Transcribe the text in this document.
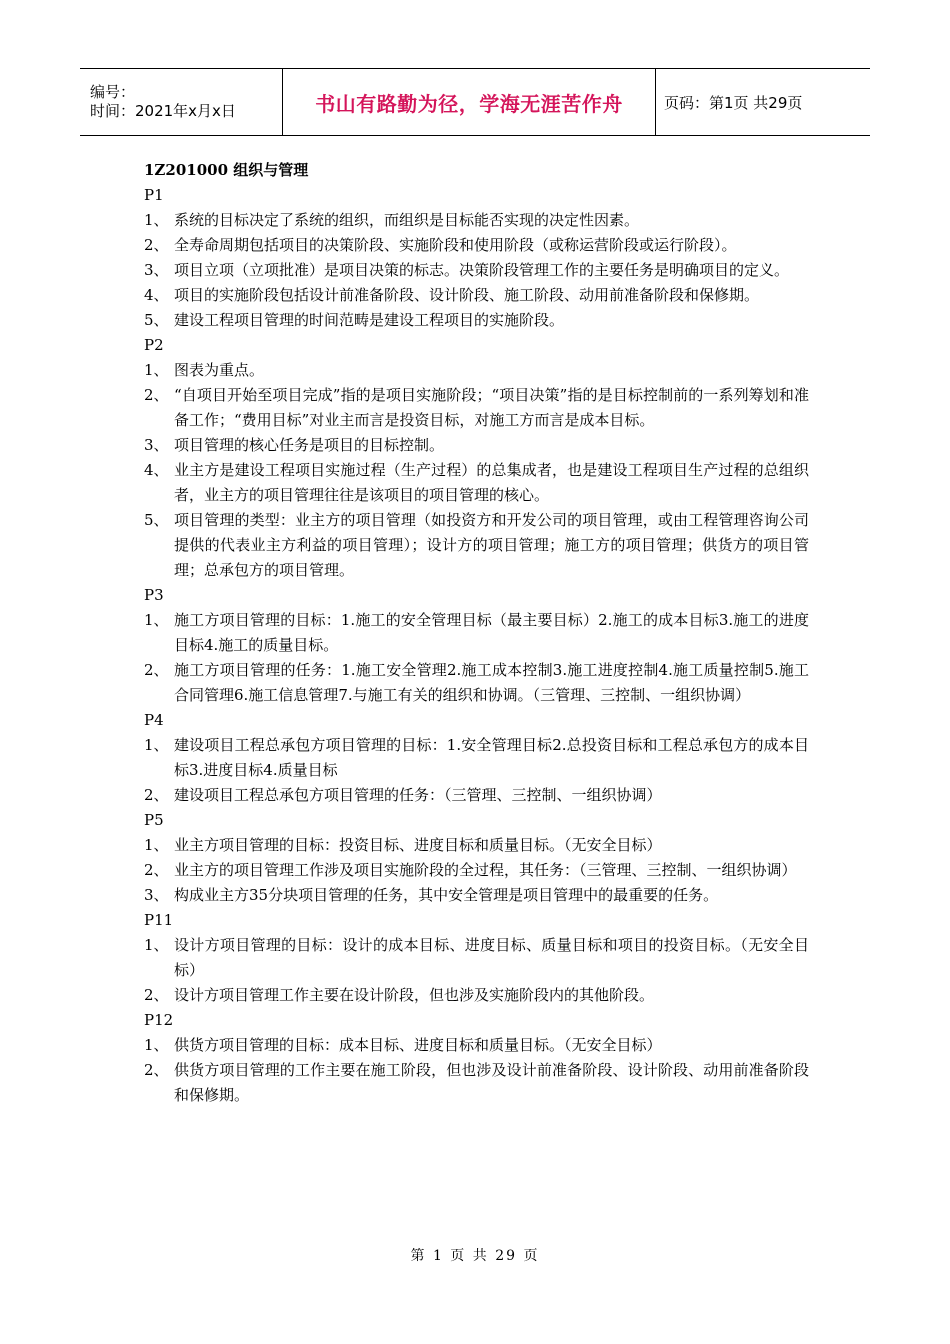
编号：
时间：2021年x月x日	书山有路勤为径，学海无涯苦作舟	页码：第1页 共29页

1Z201000 组织与管理

P1

1、 系统的目标决定了系统的组织，而组织是目标能否实现的决定性因素。
2、 全寿命周期包括项目的决策阶段、实施阶段和使用阶段（或称运营阶段或运行阶段）。
3、 项目立项（立项批准）是项目决策的标志。决策阶段管理工作的主要任务是明确项目的定义。
4、 项目的实施阶段包括设计前准备阶段、设计阶段、施工阶段、动用前准备阶段和保修期。
5、 建设工程项目管理的时间范畴是建设工程项目的实施阶段。

P2

1、 图表为重点。
2、 “自项目开始至项目完成”指的是项目实施阶段；“项目决策”指的是目标控制前的一系列筹划和准备工作；“费用目标”对业主而言是投资目标，对施工方而言是成本目标。
3、 项目管理的核心任务是项目的目标控制。
4、 业主方是建设工程项目实施过程（生产过程）的总集成者，也是建设工程项目生产过程的总组织者，业主方的项目管理往往是该项目的项目管理的核心。
5、 项目管理的类型：业主方的项目管理（如投资方和开发公司的项目管理，或由工程管理咨询公司提供的代表业主方利益的项目管理）；设计方的项目管理；施工方的项目管理；供货方的项目管理；总承包方的项目管理。

P3

1、 施工方项目管理的目标：1.施工的安全管理目标（最主要目标）2.施工的成本目标3.施工的进度目标4.施工的质量目标。
2、 施工方项目管理的任务：1.施工安全管理2.施工成本控制3.施工进度控制4.施工质量控制5.施工合同管理6.施工信息管理7.与施工有关的组织和协调。（三管理、三控制、一组织协调）

P4

1、 建设项目工程总承包方项目管理的目标：1.安全管理目标2.总投资目标和工程总承包方的成本目标3.进度目标4.质量目标
2、 建设项目工程总承包方项目管理的任务：（三管理、三控制、一组织协调）

P5

1、 业主方项目管理的目标：投资目标、进度目标和质量目标。（无安全目标）
2、 业主方的项目管理工作涉及项目实施阶段的全过程，其任务：（三管理、三控制、一组织协调）
3、 构成业主方35分块项目管理的任务，其中安全管理是项目管理中的最重要的任务。

P11

1、 设计方项目管理的目标：设计的成本目标、进度目标、质量目标和项目的投资目标。（无安全目标）
2、 设计方项目管理工作主要在设计阶段，但也涉及实施阶段内的其他阶段。

P12

1、 供货方项目管理的目标：成本目标、进度目标和质量目标。（无安全目标）
2、 供货方项目管理的工作主要在施工阶段，但也涉及设计前准备阶段、设计阶段、动用前准备阶段和保修期。
第 1 页 共 29 页
